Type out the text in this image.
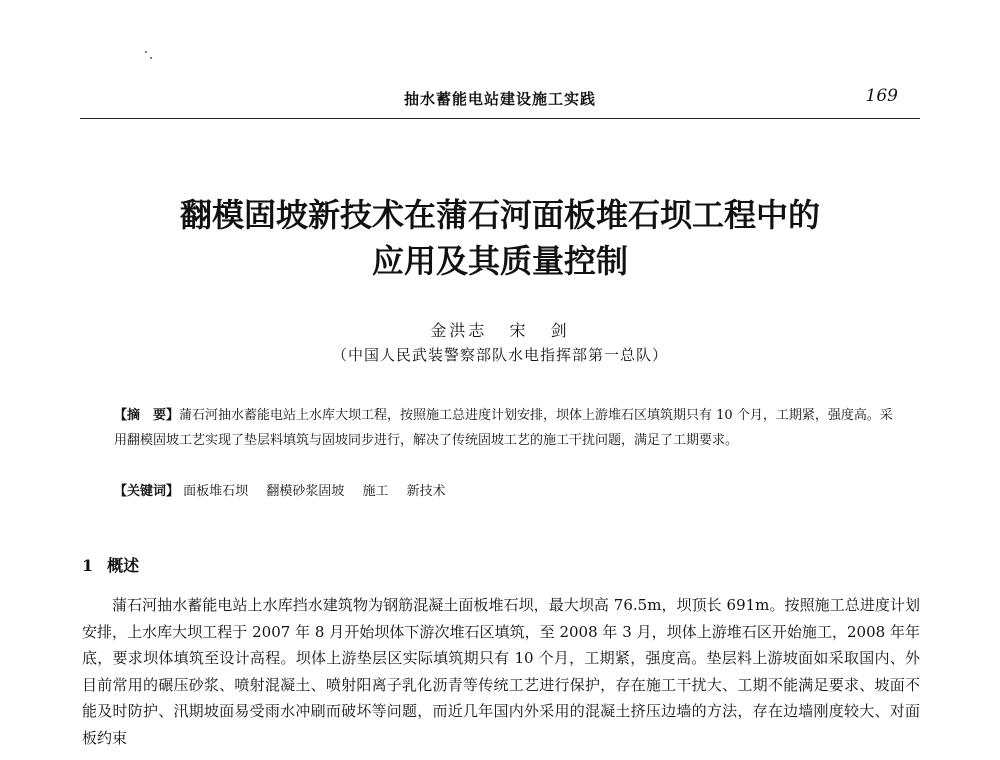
抽水蓄能电站建设施工实践	169
翻模固坡新技术在蒲石河面板堆石坝工程中的
应用及其质量控制
金洪志 宋 剑
（中国人民武装警察部队水电指挥部第一总队）
【摘　要】蒲石河抽水蓄能电站上水库大坝工程，按照施工总进度计划安排，坝体上游堆石区填筑期只有 10 个月，工期紧，强度高。采用翻模固坡工艺实现了垫层料填筑与固坡同步进行，解决了传统固坡工艺的施工干扰问题，满足了工期要求。
【关键词】 面板堆石坝 翻模砂浆固坡 施工 新技术
1 概述
蒲石河抽水蓄能电站上水库挡水建筑物为钢筋混凝土面板堆石坝，最大坝高 76.5m，坝顶长 691m。按照施工总进度计划安排，上水库大坝工程于 2007 年 8 月开始坝体下游次堆石区填筑，至 2008 年 3 月，坝体上游堆石区开始施工，2008 年年底，要求坝体填筑至设计高程。坝体上游垫层区实际填筑期只有 10 个月，工期紧，强度高。垫层料上游坡面如采取国内、外目前常用的碾压砂浆、喷射混凝土、喷射阳离子乳化沥青等传统工艺进行保护，存在施工干扰大、工期不能满足要求、坡面不能及时防护、汛期坡面易受雨水冲刷而破坏等问题，而近几年国内外采用的混凝土挤压边墙的方法，存在边墙刚度较大、对面板约束
